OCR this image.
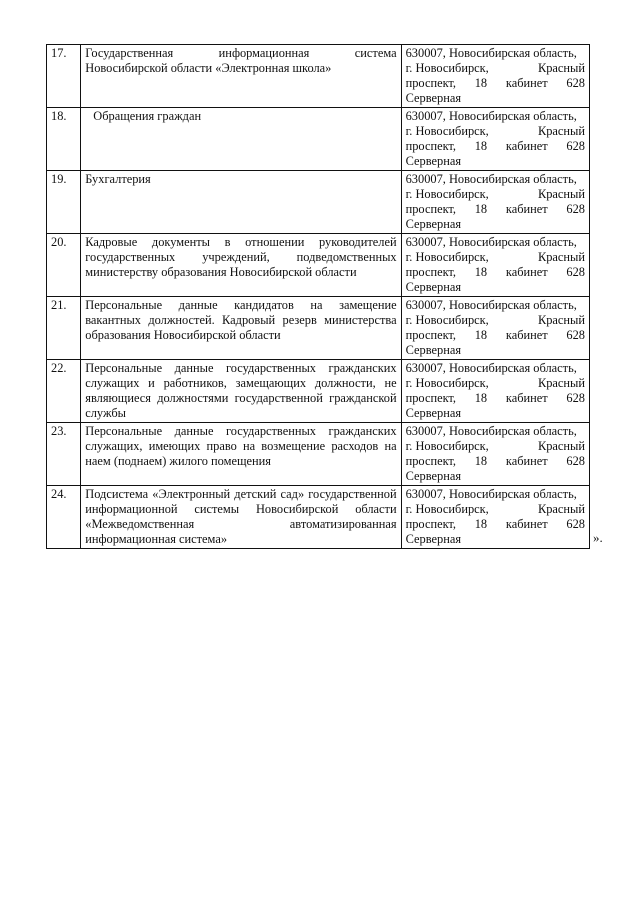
17.	Государственная информационная система Новосибирской области «Электронная школа»	630007, Новосибирская область,
г. Новосибирск, Красный
проспект, 18 кабинет 628
Серверная

18.	Обращения граждан	630007, Новосибирская область,
г. Новосибирск, Красный
проспект, 18 кабинет 628
Серверная

19.	Бухгалтерия	630007, Новосибирская область,
г. Новосибирск, Красный
проспект, 18 кабинет 628
Серверная

20.	Кадровые документы в отношении руководителей государственных учреждений, подведомственных министерству образования Новосибирской области	630007, Новосибирская область,
г. Новосибирск, Красный
проспект, 18 кабинет 628
Серверная

21.	Персональные данные кандидатов на замещение вакантных должностей. Кадровый резерв министерства образования Новосибирской области	630007, Новосибирская область,
г. Новосибирск, Красный
проспект, 18 кабинет 628
Серверная

22.	Персональные данные государственных гражданских служащих и работников, замещающих должности, не являющиеся должностями государственной гражданской службы	630007, Новосибирская область,
г. Новосибирск, Красный
проспект, 18 кабинет 628
Серверная

23.	Персональные данные государственных гражданских служащих, имеющих право на возмещение расходов на наем (поднаем) жилого помещения	630007, Новосибирская область,
г. Новосибирск, Красный
проспект, 18 кабинет 628
Серверная

24.	Подсистема «Электронный детский сад» государственной информационной системы Новосибирской области «Межведомственная автоматизированная информационная система»	630007, Новосибирская область,
г. Новосибирск, Красный
проспект, 18 кабинет 628
Серверная	».
